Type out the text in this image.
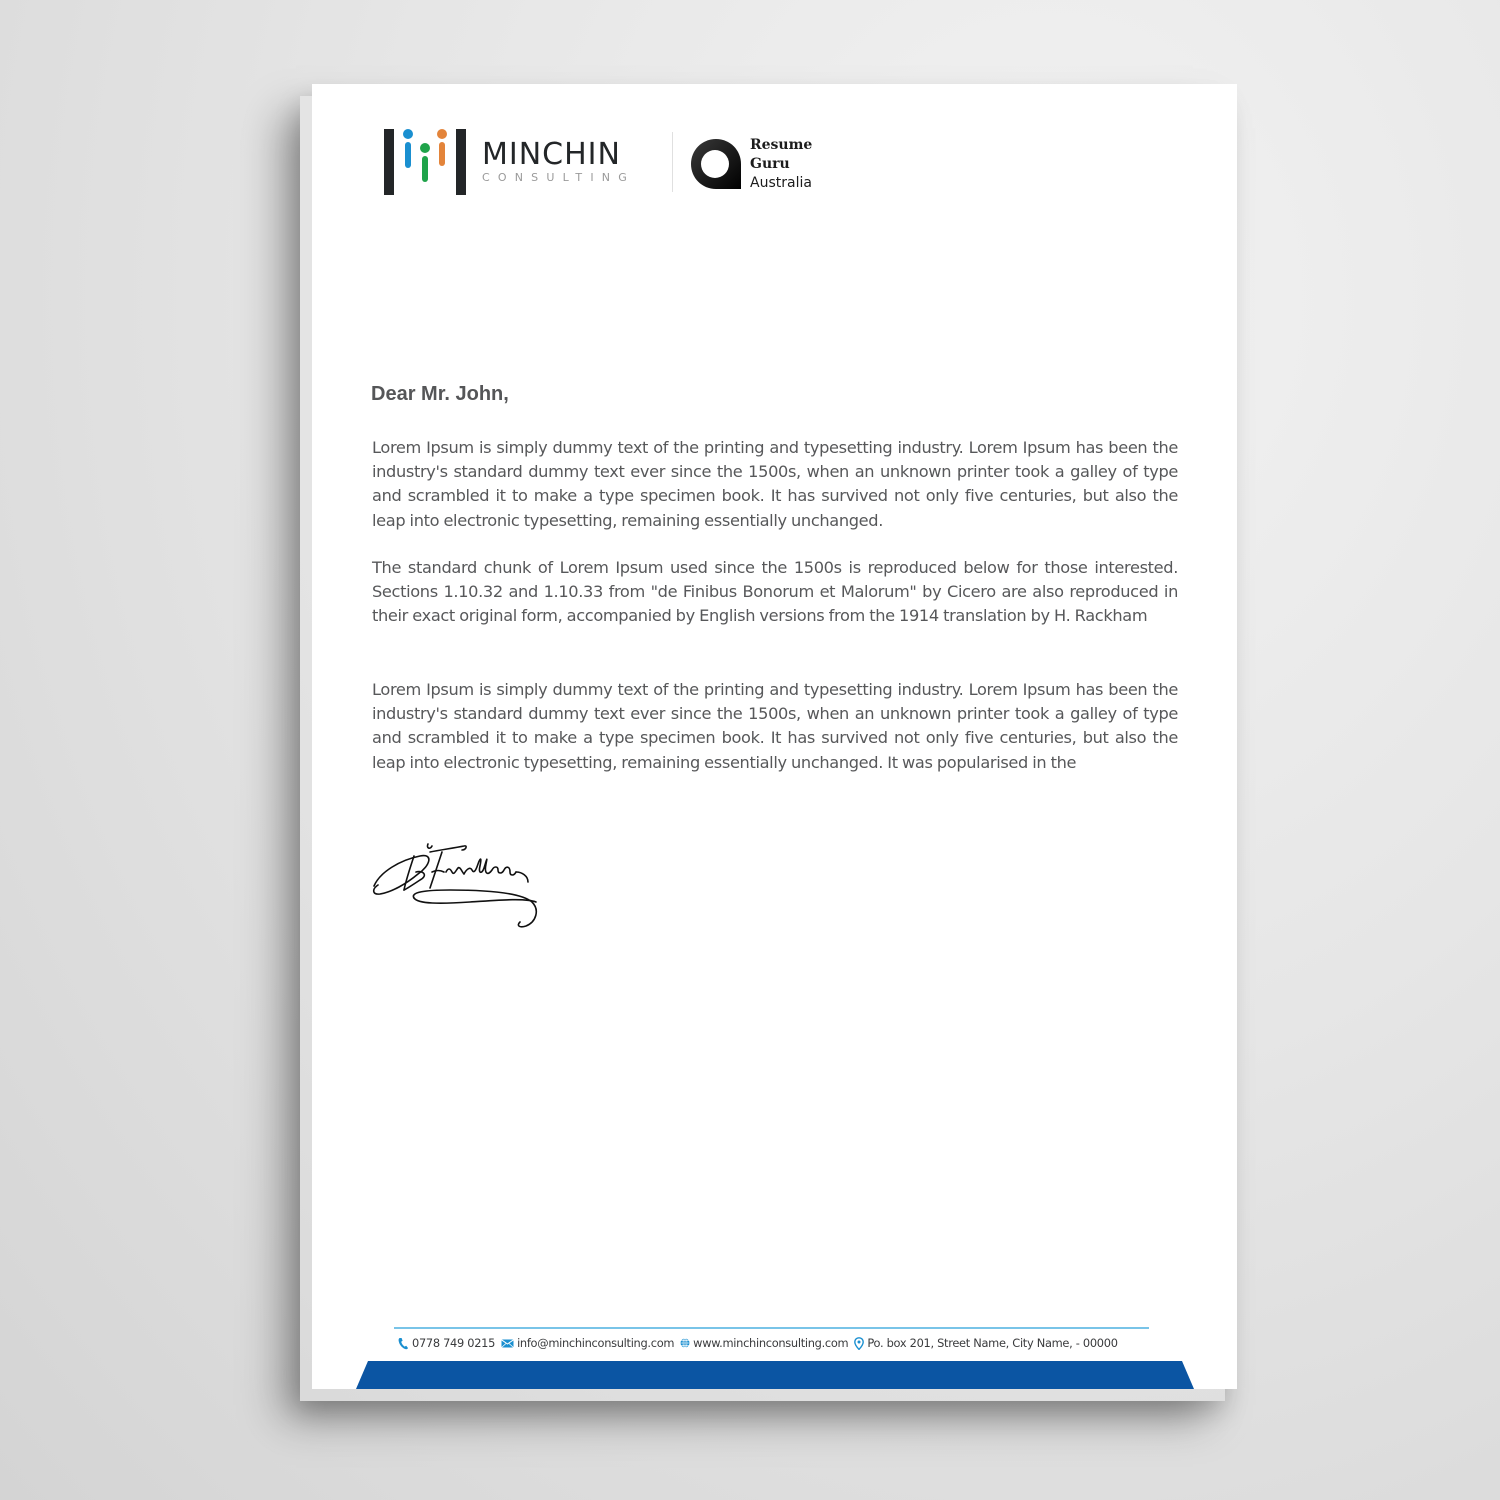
MINCHIN
CONSULTING
Resume
Guru
Australia

Dear Mr. John,

Lorem Ipsum is simply dummy text of the printing and typesetting industry. Lorem Ipsum has been the industry's standard dummy text ever since the 1500s, when an unknown printer took a galley of type and scrambled it to make a type specimen book. It has survived not only five centuries, but also the leap into electronic typesetting, remaining essentially unchanged.

The standard chunk of Lorem Ipsum used since the 1500s is reproduced below for those interested. Sections 1.10.32 and 1.10.33 from "de Finibus Bonorum et Malorum" by Cicero are also reproduced in their exact original form, accompanied by English versions from the 1914 translation by H. Rackham

Lorem Ipsum is simply dummy text of the printing and typesetting industry. Lorem Ipsum has been the industry's standard dummy text ever since the 1500s, when an unknown printer took a galley of type and scrambled it to make a type specimen book. It has survived not only five centuries, but also the leap into electronic typesetting, remaining essentially unchanged. It was popularised in the

0778 749 0215 info@minchinconsulting.com www.minchinconsulting.com Po. box 201, Street Name, City Name, - 00000
